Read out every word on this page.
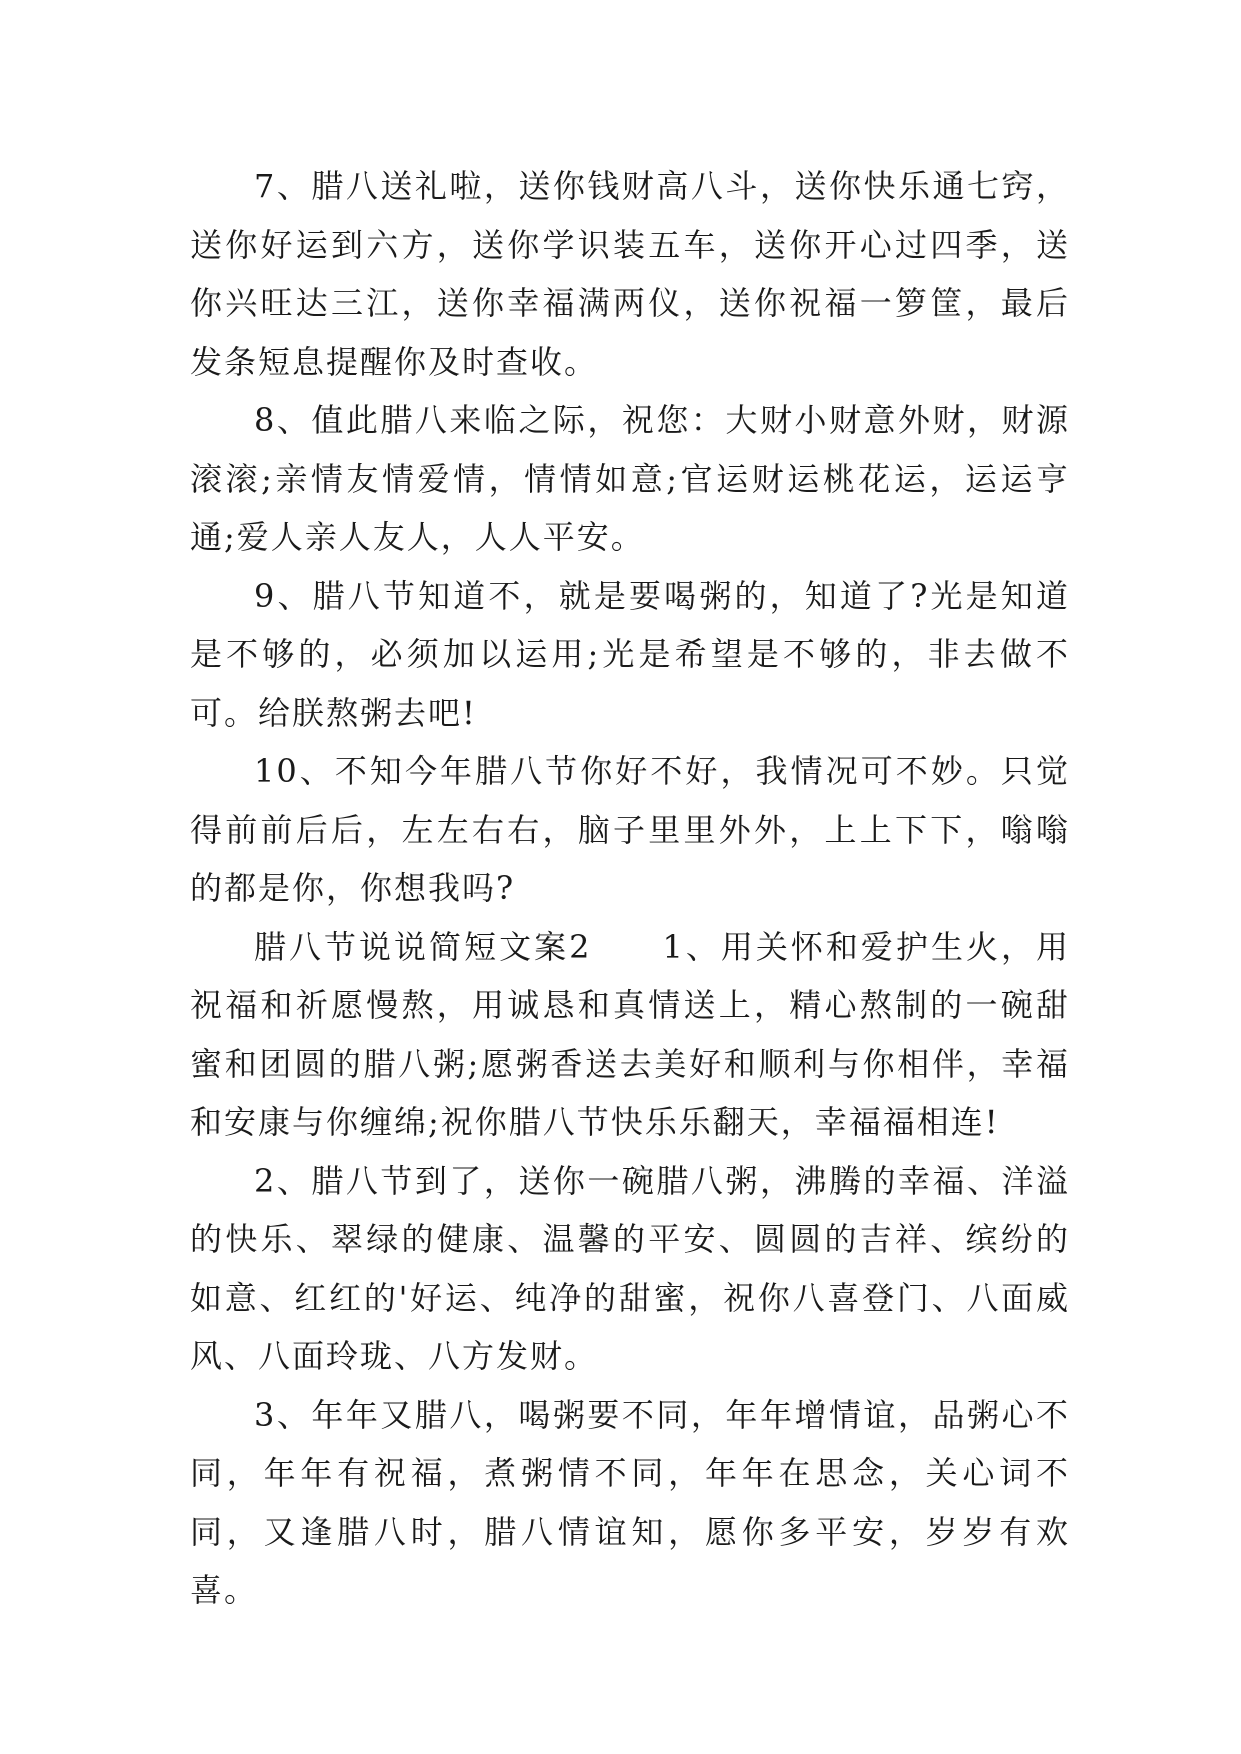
7、腊八送礼啦，送你钱财高八斗，送你快乐通七窍，送你好运到六方，送你学识装五车，送你开心过四季，送你兴旺达三江，送你幸福满两仪，送你祝福一箩筐，最后发条短息提醒你及时查收。

8、值此腊八来临之际，祝您：大财小财意外财，财源滚滚;亲情友情爱情，情情如意;官运财运桃花运，运运亨通;爱人亲人友人，人人平安。

9、腊八节知道不，就是要喝粥的，知道了?光是知道是不够的，必须加以运用;光是希望是不够的，非去做不可。给朕熬粥去吧!

10、不知今年腊八节你好不好，我情况可不妙。只觉得前前后后，左左右右，脑子里里外外，上上下下，嗡嗡的都是你，你想我吗?

腊八节说说简短文案2　　1、用关怀和爱护生火，用祝福和祈愿慢熬，用诚恳和真情送上，精心熬制的一碗甜蜜和团圆的腊八粥;愿粥香送去美好和顺利与你相伴，幸福和安康与你缠绵;祝你腊八节快乐乐翻天，幸福福相连!

2、腊八节到了，送你一碗腊八粥，沸腾的幸福、洋溢的快乐、翠绿的健康、温馨的平安、圆圆的吉祥、缤纷的如意、红红的'好运、纯净的甜蜜，祝你八喜登门、八面威风、八面玲珑、八方发财。

3、年年又腊八，喝粥要不同，年年增情谊，品粥心不同，年年有祝福，煮粥情不同，年年在思念，关心词不同，又逢腊八时，腊八情谊知，愿你多平安，岁岁有欢喜。
